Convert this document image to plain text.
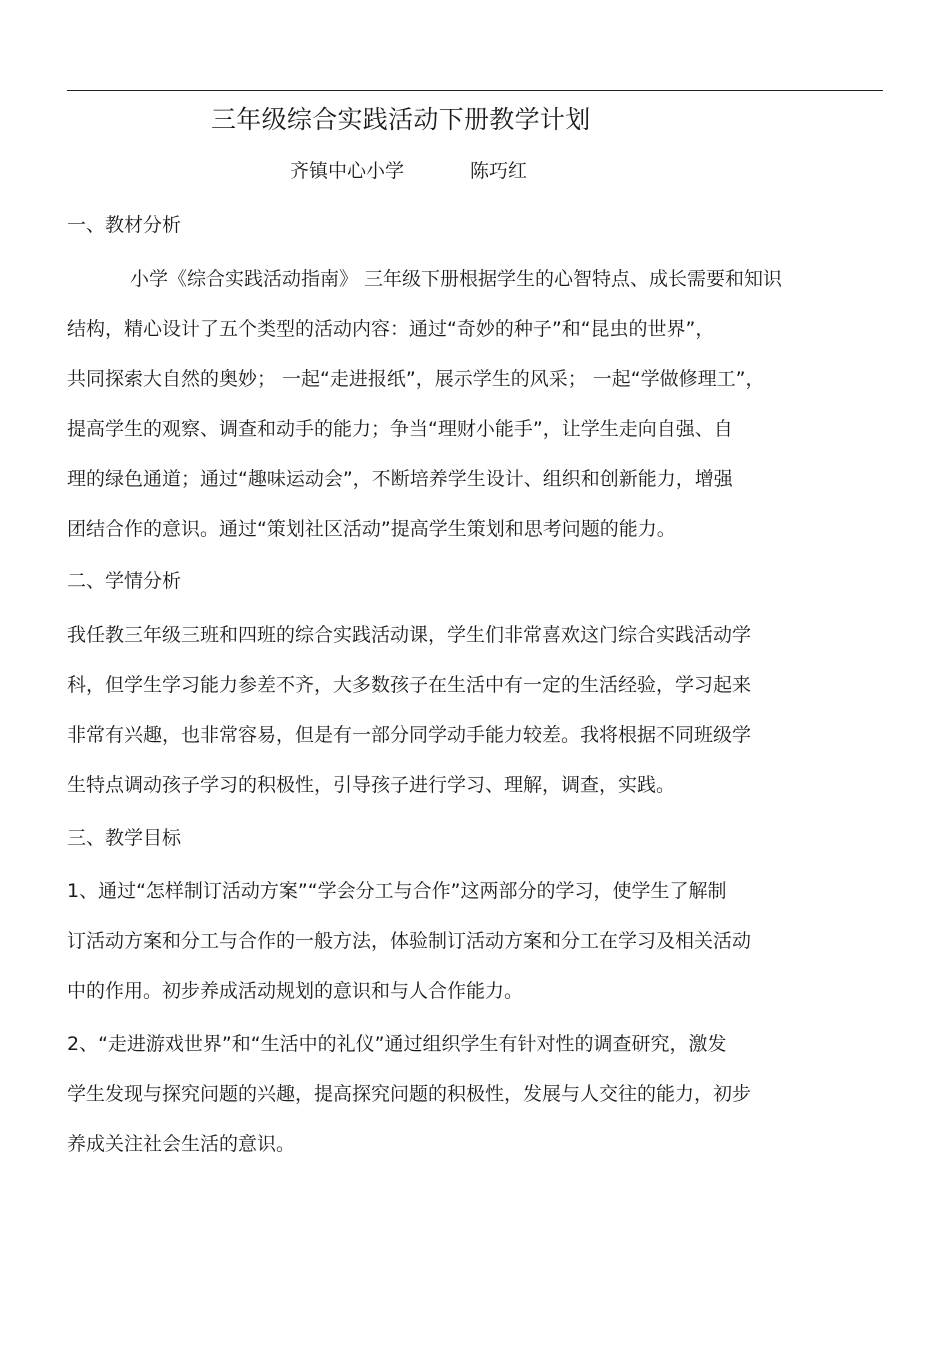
三年级综合实践活动下册教学计划
齐镇中心小学	陈巧红
一、教材分析
小学《综合实践活动指南》 三年级下册根据学生的心智特点、成长需要和知识
结构，精心设计了五个类型的活动内容：通过“奇妙的种子”和“昆虫的世界”，
共同探索大自然的奥妙； 一起“走进报纸”，展示学生的风采； 一起“学做修理工”，
提高学生的观察、调查和动手的能力；争当“理财小能手”，让学生走向自强、自
理的绿色通道；通过“趣味运动会”，不断培养学生设计、组织和创新能力，增强
团结合作的意识。通过“策划社区活动”提高学生策划和思考问题的能力。
二、学情分析
我任教三年级三班和四班的综合实践活动课，学生们非常喜欢这门综合实践活动学
科，但学生学习能力参差不齐，大多数孩子在生活中有一定的生活经验，学习起来
非常有兴趣，也非常容易，但是有一部分同学动手能力较差。我将根据不同班级学
生特点调动孩子学习的积极性，引导孩子进行学习、理解，调查，实践。
三、教学目标
1、通过“怎样制订活动方案”“学会分工与合作”这两部分的学习，使学生了解制
订活动方案和分工与合作的一般方法，体验制订活动方案和分工在学习及相关活动
中的作用。初步养成活动规划的意识和与人合作能力。
2、“走进游戏世界”和“生活中的礼仪”通过组织学生有针对性的调查研究，激发
学生发现与探究问题的兴趣，提高探究问题的积极性，发展与人交往的能力，初步
养成关注社会生活的意识。
